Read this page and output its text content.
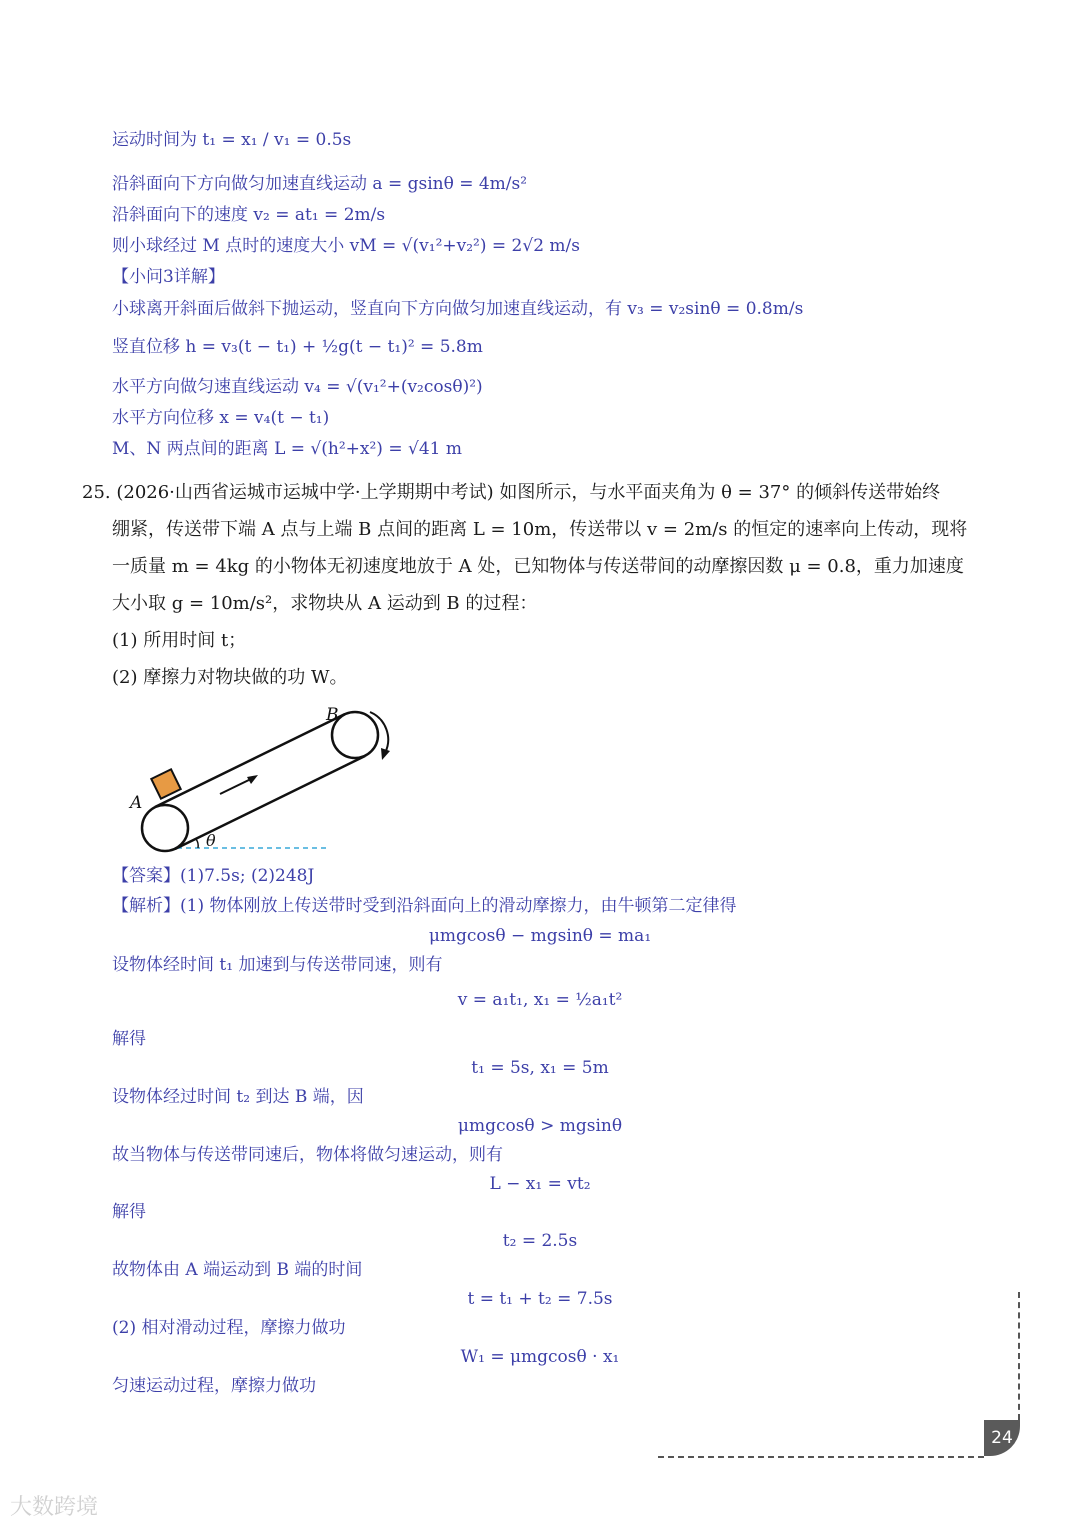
运动时间为 t₁ = x₁ / v₁ = 0.5s
沿斜面向下方向做匀加速直线运动 a = gsinθ = 4m/s²
沿斜面向下的速度 v₂ = at₁ = 2m/s
则小球经过 M 点时的速度大小 vM = √(v₁²+v₂²) = 2√2 m/s
【小问3详解】
小球离开斜面后做斜下抛运动，竖直向下方向做匀加速直线运动，有 v₃ = v₂sinθ = 0.8m/s
竖直位移 h = v₃(t − t₁) + ½g(t − t₁)² = 5.8m
水平方向做匀速直线运动 v₄ = √(v₁²+(v₂cosθ)²)
水平方向位移 x = v₄(t − t₁)
M、N 两点间的距离 L = √(h²+x²) = √41 m
25. (2026·山西省运城市运城中学·上学期期中考试) 如图所示，与水平面夹角为 θ = 37° 的倾斜传送带始终
绷紧，传送带下端 A 点与上端 B 点间的距离 L = 10m，传送带以 v = 2m/s 的恒定的速率向上传动，现将
一质量 m = 4kg 的小物体无初速度地放于 A 处，已知物体与传送带间的动摩擦因数 μ = 0.8，重力加速度
大小取 g = 10m/s²，求物块从 A 运动到 B 的过程：
(1) 所用时间 t；
(2) 摩擦力对物块做的功 W。
A
B
θ
【答案】(1)7.5s; (2)248J
【解析】(1) 物体刚放上传送带时受到沿斜面向上的滑动摩擦力，由牛顿第二定律得
μmgcosθ − mgsinθ = ma₁
设物体经时间 t₁ 加速到与传送带同速，则有
v = a₁t₁, x₁ = ½a₁t²
解得
t₁ = 5s, x₁ = 5m
设物体经过时间 t₂ 到达 B 端，因
μmgcosθ > mgsinθ
故当物体与传送带同速后，物体将做匀速运动，则有
L − x₁ = vt₂
解得
t₂ = 2.5s
故物体由 A 端运动到 B 端的时间
t = t₁ + t₂ = 7.5s
(2) 相对滑动过程，摩擦力做功
W₁ = μmgcosθ · x₁
匀速运动过程，摩擦力做功
24
大数跨境
